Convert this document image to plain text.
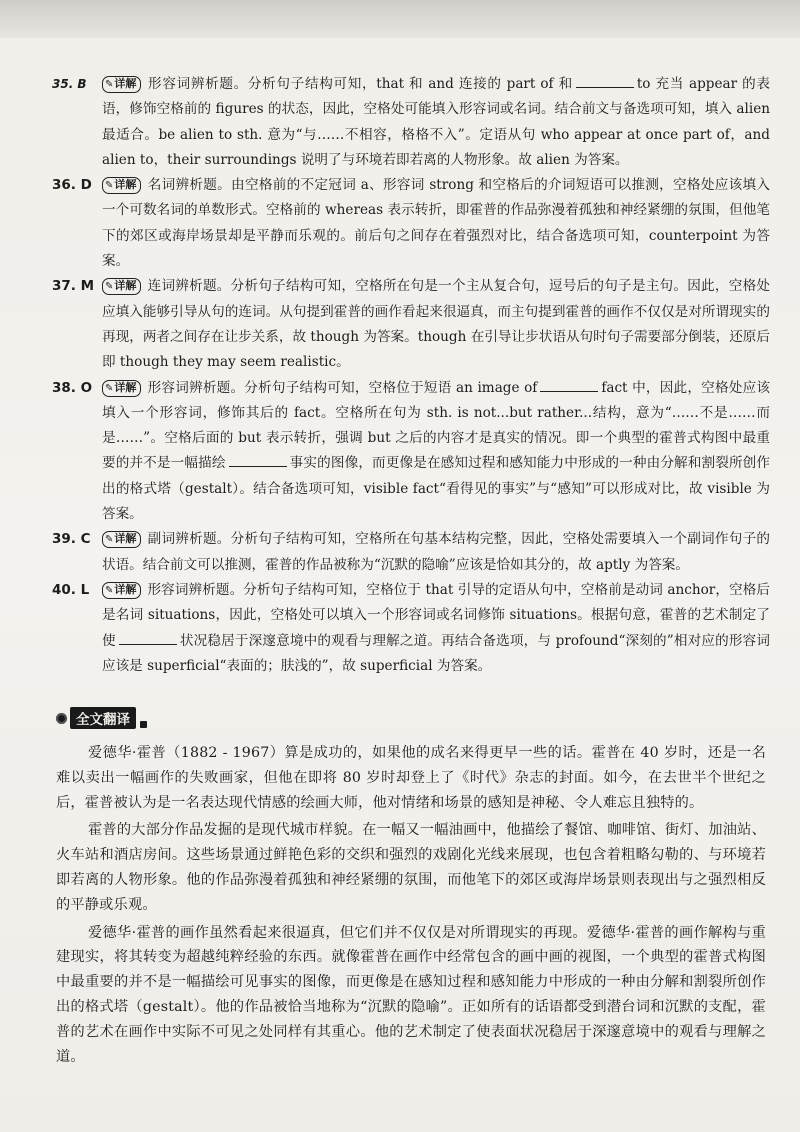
35. B ✎详解 形容词辨析题。分析句子结构可知，that 和 and 连接的 part of 和	to 充当 appear 的表语，修饰空格前的 figures 的状态，因此，空格处可能填入形容词或名词。结合前文与备选项可知，填入 alien 最适合。be alien to sth. 意为“与……不相容，格格不入”。定语从句 who appear at once part of，and alien to，their surroundings 说明了与环境若即若离的人物形象。故 alien 为答案。
36. D ✎详解 名词辨析题。由空格前的不定冠词 a、形容词 strong 和空格后的介词短语可以推测，空格处应该填入一个可数名词的单数形式。空格前的 whereas 表示转折，即霍普的作品弥漫着孤独和神经紧绷的氛围，但他笔下的郊区或海岸场景却是平静而乐观的。前后句之间存在着强烈对比，结合备选项可知，counterpoint 为答案。
37. M ✎详解 连词辨析题。分析句子结构可知，空格所在句是一个主从复合句，逗号后的句子是主句。因此，空格处应填入能够引导从句的连词。从句提到霍普的画作看起来很逼真，而主句提到霍普的画作不仅仅是对所谓现实的再现，两者之间存在让步关系，故 though 为答案。though 在引导让步状语从句时句子需要部分倒装，还原后即 though they may seem realistic。
38. O ✎详解 形容词辨析题。分析句子结构可知，空格位于短语 an image of	fact 中，因此，空格处应该填入一个形容词，修饰其后的 fact。空格所在句为 sth. is not...but rather...结构，意为“……不是……而是……”。空格后面的 but 表示转折，强调 but 之后的内容才是真实的情况。即一个典型的霍普式构图中最重要的并不是一幅描绘	事实的图像，而更像是在感知过程和感知能力中形成的一种由分解和割裂所创作出的格式塔（gestalt）。结合备选项可知，visible fact“看得见的事实”与“感知”可以形成对比，故 visible 为答案。
39. C ✎详解 副词辨析题。分析句子结构可知，空格所在句基本结构完整，因此，空格处需要填入一个副词作句子的状语。结合前文可以推测，霍普的作品被称为“沉默的隐喻”应该是恰如其分的，故 aptly 为答案。
40. L ✎详解 形容词辨析题。分析句子结构可知，空格位于 that 引导的定语从句中，空格前是动词 anchor，空格后是名词 situations，因此，空格处可以填入一个形容词或名词修饰 situations。根据句意，霍普的艺术制定了使	状况稳居于深邃意境中的观看与理解之道。再结合备选项，与 profound“深刻的”相对应的形容词应该是 superficial“表面的；肤浅的”，故 superficial 为答案。
全文翻译

爱德华·霍普（1882 - 1967）算是成功的，如果他的成名来得更早一些的话。霍普在 40 岁时，还是一名难以卖出一幅画作的失败画家，但他在即将 80 岁时却登上了《时代》杂志的封面。如今，在去世半个世纪之后，霍普被认为是一名表达现代情感的绘画大师，他对情绪和场景的感知是神秘、令人难忘且独特的。

霍普的大部分作品发掘的是现代城市样貌。在一幅又一幅油画中，他描绘了餐馆、咖啡馆、街灯、加油站、火车站和酒店房间。这些场景通过鲜艳色彩的交织和强烈的戏剧化光线来展现，也包含着粗略勾勒的、与环境若即若离的人物形象。他的作品弥漫着孤独和神经紧绷的氛围，而他笔下的郊区或海岸场景则表现出与之强烈相反的平静或乐观。

爱德华·霍普的画作虽然看起来很逼真，但它们并不仅仅是对所谓现实的再现。爱德华·霍普的画作解构与重建现实，将其转变为超越纯粹经验的东西。就像霍普在画作中经常包含的画中画的视图，一个典型的霍普式构图中最重要的并不是一幅描绘可见事实的图像，而更像是在感知过程和感知能力中形成的一种由分解和割裂所创作出的格式塔（gestalt）。他的作品被恰当地称为“沉默的隐喻”。正如所有的话语都受到潜台词和沉默的支配，霍普的艺术在画作中实际不可见之处同样有其重心。他的艺术制定了使表面状况稳居于深邃意境中的观看与理解之道。
